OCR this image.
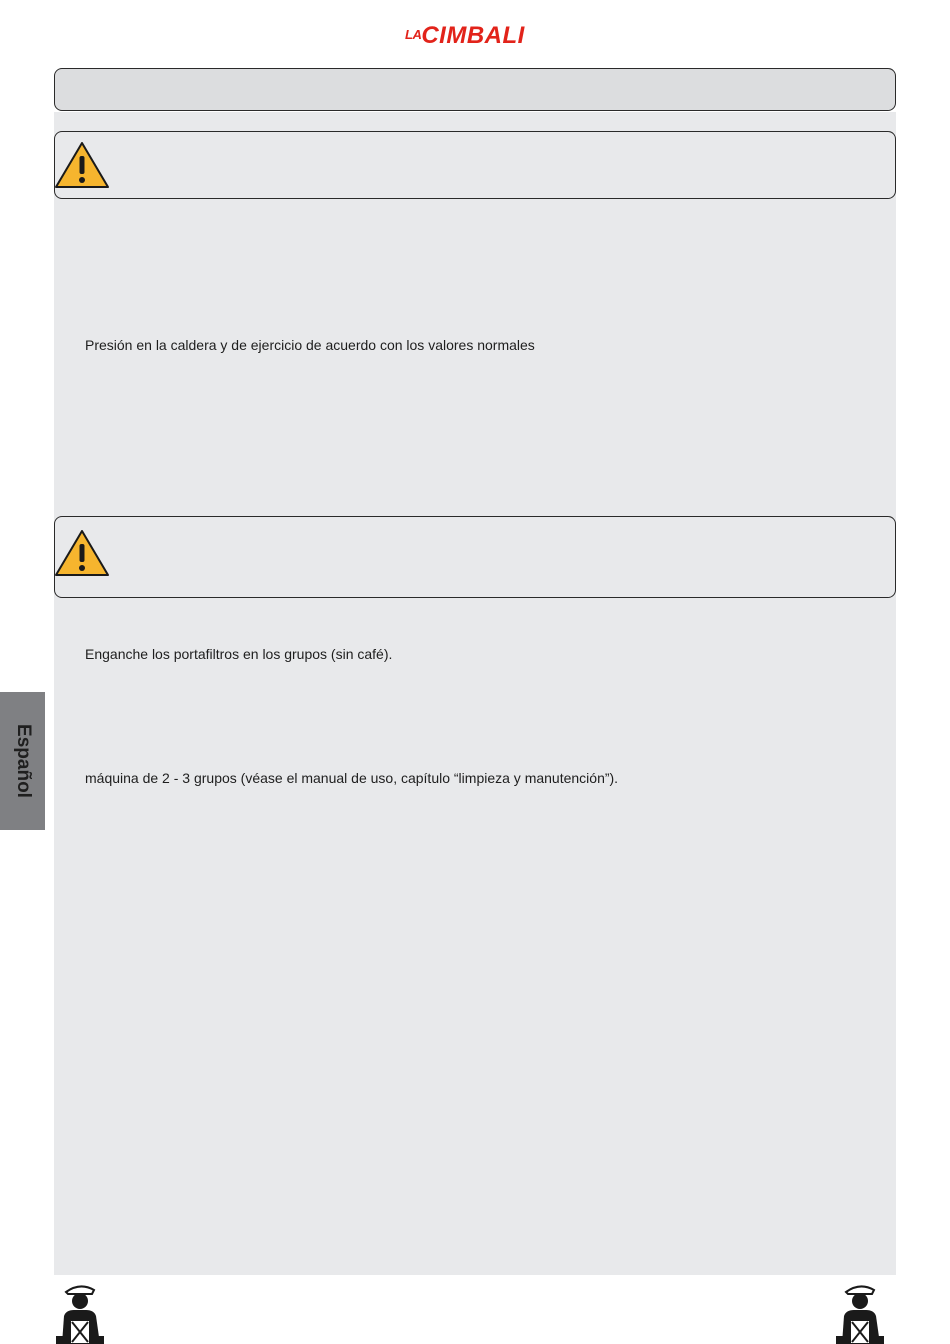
$^{LA}$CIMBALI
Presión en la caldera y de ejercicio de acuerdo con los valores normales
Enganche los portafiltros en los grupos (sin café).
máquina de 2 - 3 grupos (véase el manual de uso, capítulo “limpieza y manutención”).
Español
